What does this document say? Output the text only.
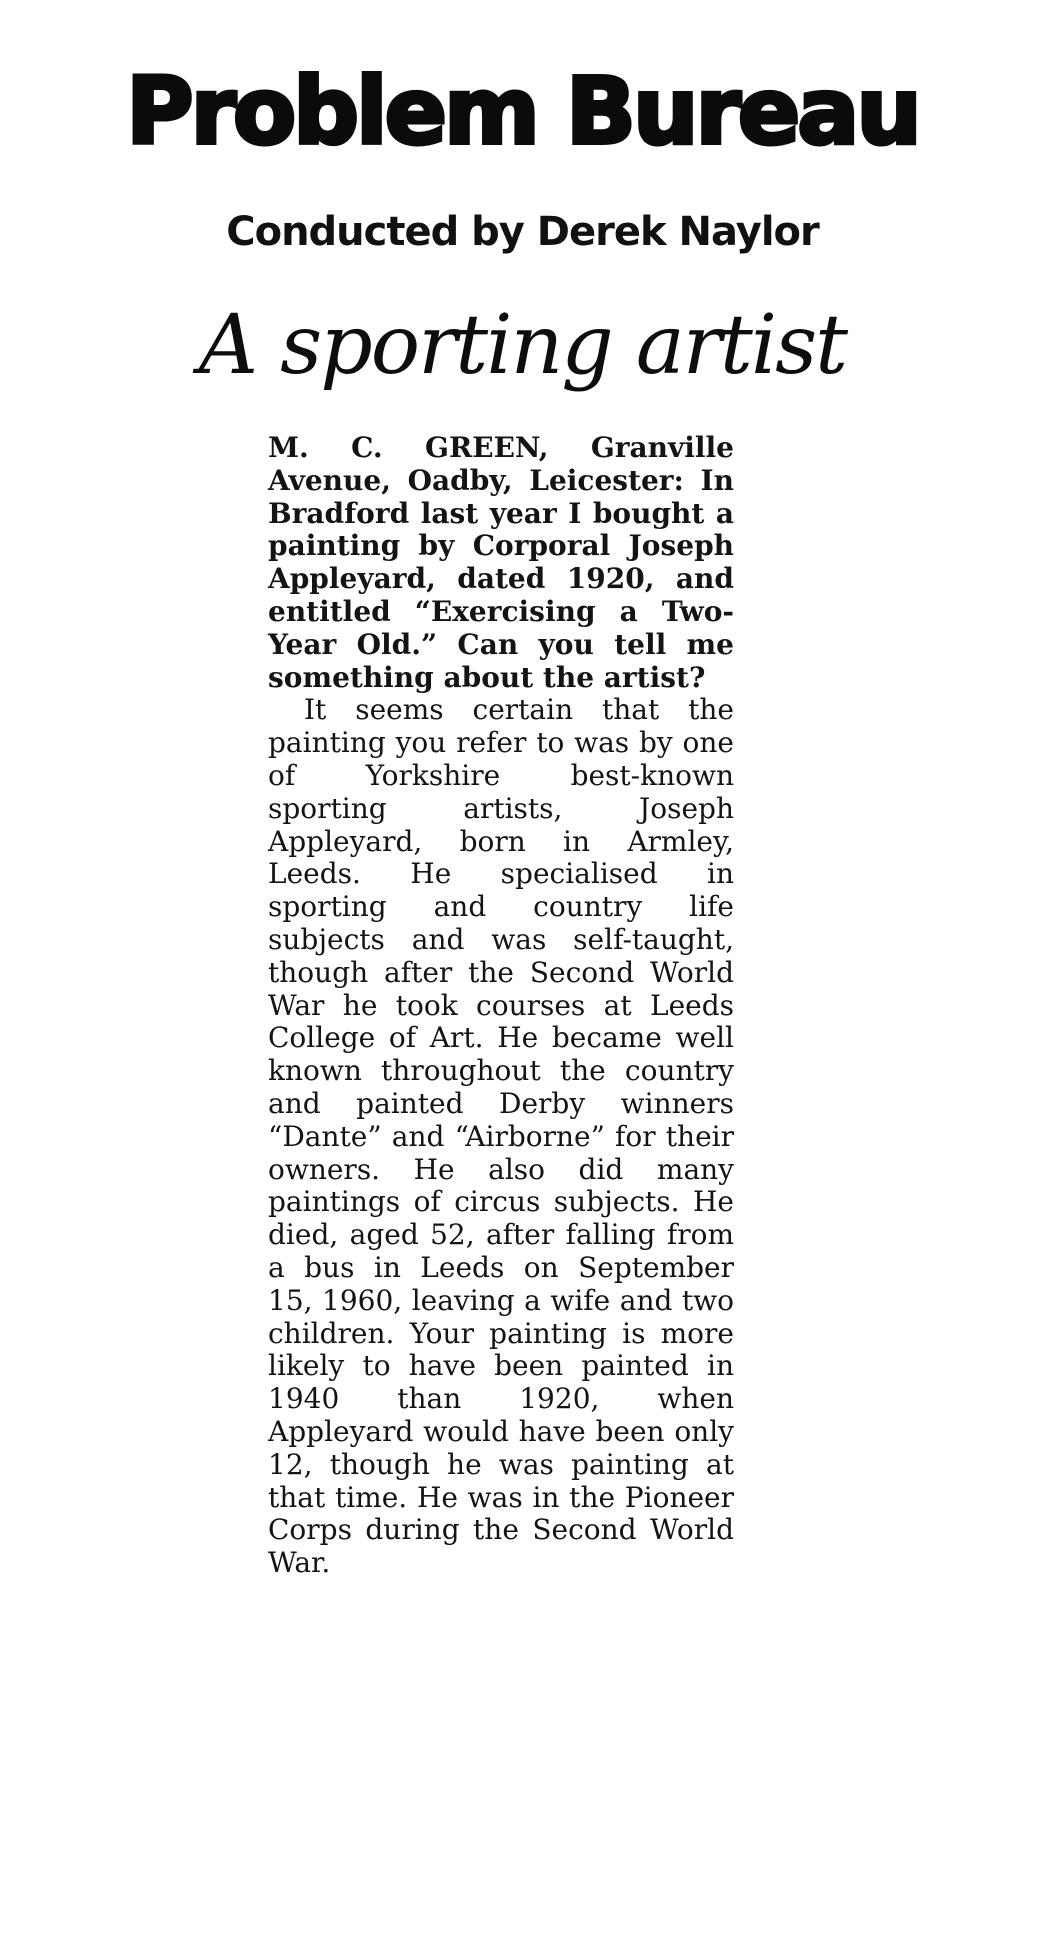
Problem Bureau
Conducted by Derek Naylor
A sporting artist

M. C. GREEN, Granville Avenue, Oadby, Leicester: In Bradford last year I bought a painting by Corporal Joseph Appleyard, dated 1920, and entitled “Exercising a Two-Year Old.” Can you tell me something about the artist?

It seems certain that the painting you refer to was by one of Yorkshire best-known sporting artists, Joseph Appleyard, born in Armley, Leeds. He specialised in sporting and country life subjects and was self-taught, though after the Second World War he took courses at Leeds College of Art. He became well known throughout the country and painted Derby winners “Dante” and “Airborne” for their owners. He also did many paintings of circus subjects. He died, aged 52, after falling from a bus in Leeds on September 15, 1960, leaving a wife and two children. Your painting is more likely to have been painted in 1940 than 1920, when Appleyard would have been only 12, though he was painting at that time. He was in the Pioneer Corps during the Second World War.
